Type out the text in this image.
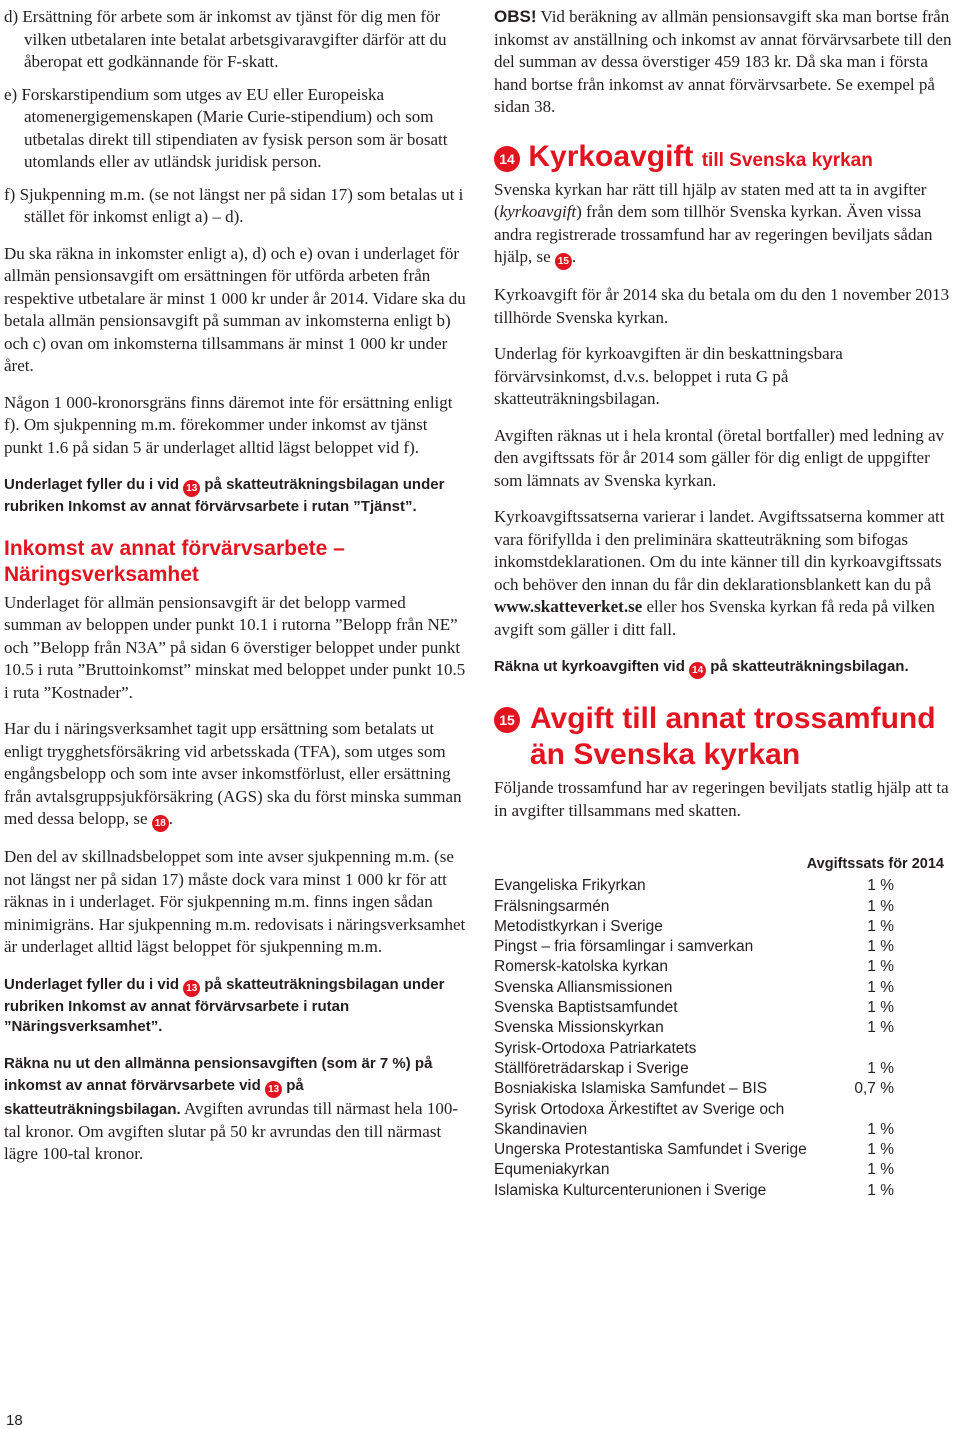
d) Ersättning för arbete som är inkomst av tjänst för dig men för vilken utbetalaren inte betalat arbetsgivaravgifter därför att du åberopat ett godkännande för F-skatt.

e) Forskarstipendium som utges av EU eller Europeiska atomenergigemenskapen (Marie Curie-stipendium) och som utbetalas direkt till stipendiaten av fysisk person som är bosatt utomlands eller av utländsk juridisk person.

f) Sjukpenning m.m. (se not längst ner på sidan 17) som betalas ut i stället för inkomst enligt a) – d).

Du ska räkna in inkomster enligt a), d) och e) ovan i underlaget för allmän pensionsavgift om ersättningen för utförda arbeten från respektive utbetalare är minst 1 000 kr under år 2014. Vidare ska du betala allmän pensionsavgift på summan av inkomsterna enligt b) och c) ovan om inkomsterna tillsammans är minst 1 000 kr under året.

Någon 1 000-kronorsgräns finns däremot inte för ersättning enligt f). Om sjukpenning m.m. förekommer under inkomst av tjänst punkt 1.6 på sidan 5 är underlaget alltid lägst beloppet vid f).

Underlaget fyller du i vid 13 på skatteuträkningsbilagan under rubriken Inkomst av annat förvärvsarbete i rutan ”Tjänst”.

Inkomst av annat förvärvsarbete – Näringsverksamhet

Underlaget för allmän pensionsavgift är det belopp varmed summan av beloppen under punkt 10.1 i rutorna ”Belopp från NE” och ”Belopp från N3A” på sidan 6 överstiger beloppet under punkt 10.5 i ruta ”Bruttoinkomst” minskat med beloppet under punkt 10.5 i ruta ”Kostnader”.

Har du i näringsverksamhet tagit upp ersättning som betalats ut enligt trygghetsförsäkring vid arbetsskada (TFA), som utges som engångsbelopp och som inte avser inkomstförlust, eller ersättning från avtalsgruppsjukförsäkring (AGS) ska du först minska summan med dessa belopp, se 18 .

Den del av skillnadsbeloppet som inte avser sjukpenning m.m. (se not längst ner på sidan 17) måste dock vara minst 1 000 kr för att räknas in i underlaget. För sjukpenning m.m. finns ingen sådan minimigräns. Har sjukpenning m.m. redovisats i näringsverksamhet är underlaget alltid lägst beloppet för sjukpenning m.m.

Underlaget fyller du i vid 13 på skatteuträkningsbilagan under rubriken Inkomst av annat förvärvsarbete i rutan ”Näringsverksamhet”.

Räkna nu ut den allmänna pensionsavgiften (som är 7 %) på inkomst av annat förvärvsarbete vid 13 på skatteuträkningsbilagan. Avgiften avrundas till närmast hela 100-tal kronor. Om avgiften slutar på 50 kr avrundas den till närmast lägre 100-tal kronor.

OBS! Vid beräkning av allmän pensionsavgift ska man bortse från inkomst av anställning och inkomst av annat förvärvsarbete till den del summan av dessa överstiger 459 183 kr. Då ska man i första hand bortse från inkomst av annat förvärvsarbete. Se exempel på sidan 38.

14 Kyrkoavgift till Svenska kyrkan

Svenska kyrkan har rätt till hjälp av staten med att ta in avgifter (kyrkoavgift) från dem som tillhör Svenska kyrkan. Även vissa andra registrerade trossamfund har av regeringen beviljats sådan hjälp, se 15 .

Kyrkoavgift för år 2014 ska du betala om du den 1 november 2013 tillhörde Svenska kyrkan.

Underlag för kyrkoavgiften är din beskattningsbara förvärvsinkomst, d.v.s. beloppet i ruta G på skatteuträkningsbilagan.

Avgiften räknas ut i hela krontal (öretal bortfaller) med ledning av den avgiftssats för år 2014 som gäller för dig enligt de uppgifter som lämnats av Svenska kyrkan.

Kyrkoavgiftssatserna varierar i landet. Avgiftssatserna kommer att vara förifyllda i den preliminära skatteuträkning som bifogas inkomstdeklarationen. Om du inte känner till din kyrkoavgiftssats och behöver den innan du får din deklarationsblankett kan du på www.skatteverket.se eller hos Svenska kyrkan få reda på vilken avgift som gäller i ditt fall.

Räkna ut kyrkoavgiften vid 14 på skatteuträkningsbilagan.

15 Avgift till annat trossamfund än Svenska kyrkan

Följande trossamfund har av regeringen beviljats statlig hjälp att ta in avgifter tillsammans med skatten.

Avgiftssats för 2014
Evangeliska Frikyrkan	1 %
Frälsningsarmén	1 %
Metodistkyrkan i Sverige	1 %
Pingst – fria församlingar i samverkan	1 %
Romersk-katolska kyrkan	1 %
Svenska Alliansmissionen	1 %
Svenska Baptistsamfundet	1 %
Svenska Missionskyrkan	1 %
Syrisk-Ortodoxa Patriarkatets Ställföreträdarskap i Sverige	1 %
Bosniakiska Islamiska Samfundet – BIS	0,7 %
Syrisk Ortodoxa Ärkestiftet av Sverige och Skandinavien	1 %
Ungerska Protestantiska Samfundet i Sverige	1 %
Equmeniakyrkan	1 %
Islamiska Kulturcenterunionen i Sverige	1 %
18
